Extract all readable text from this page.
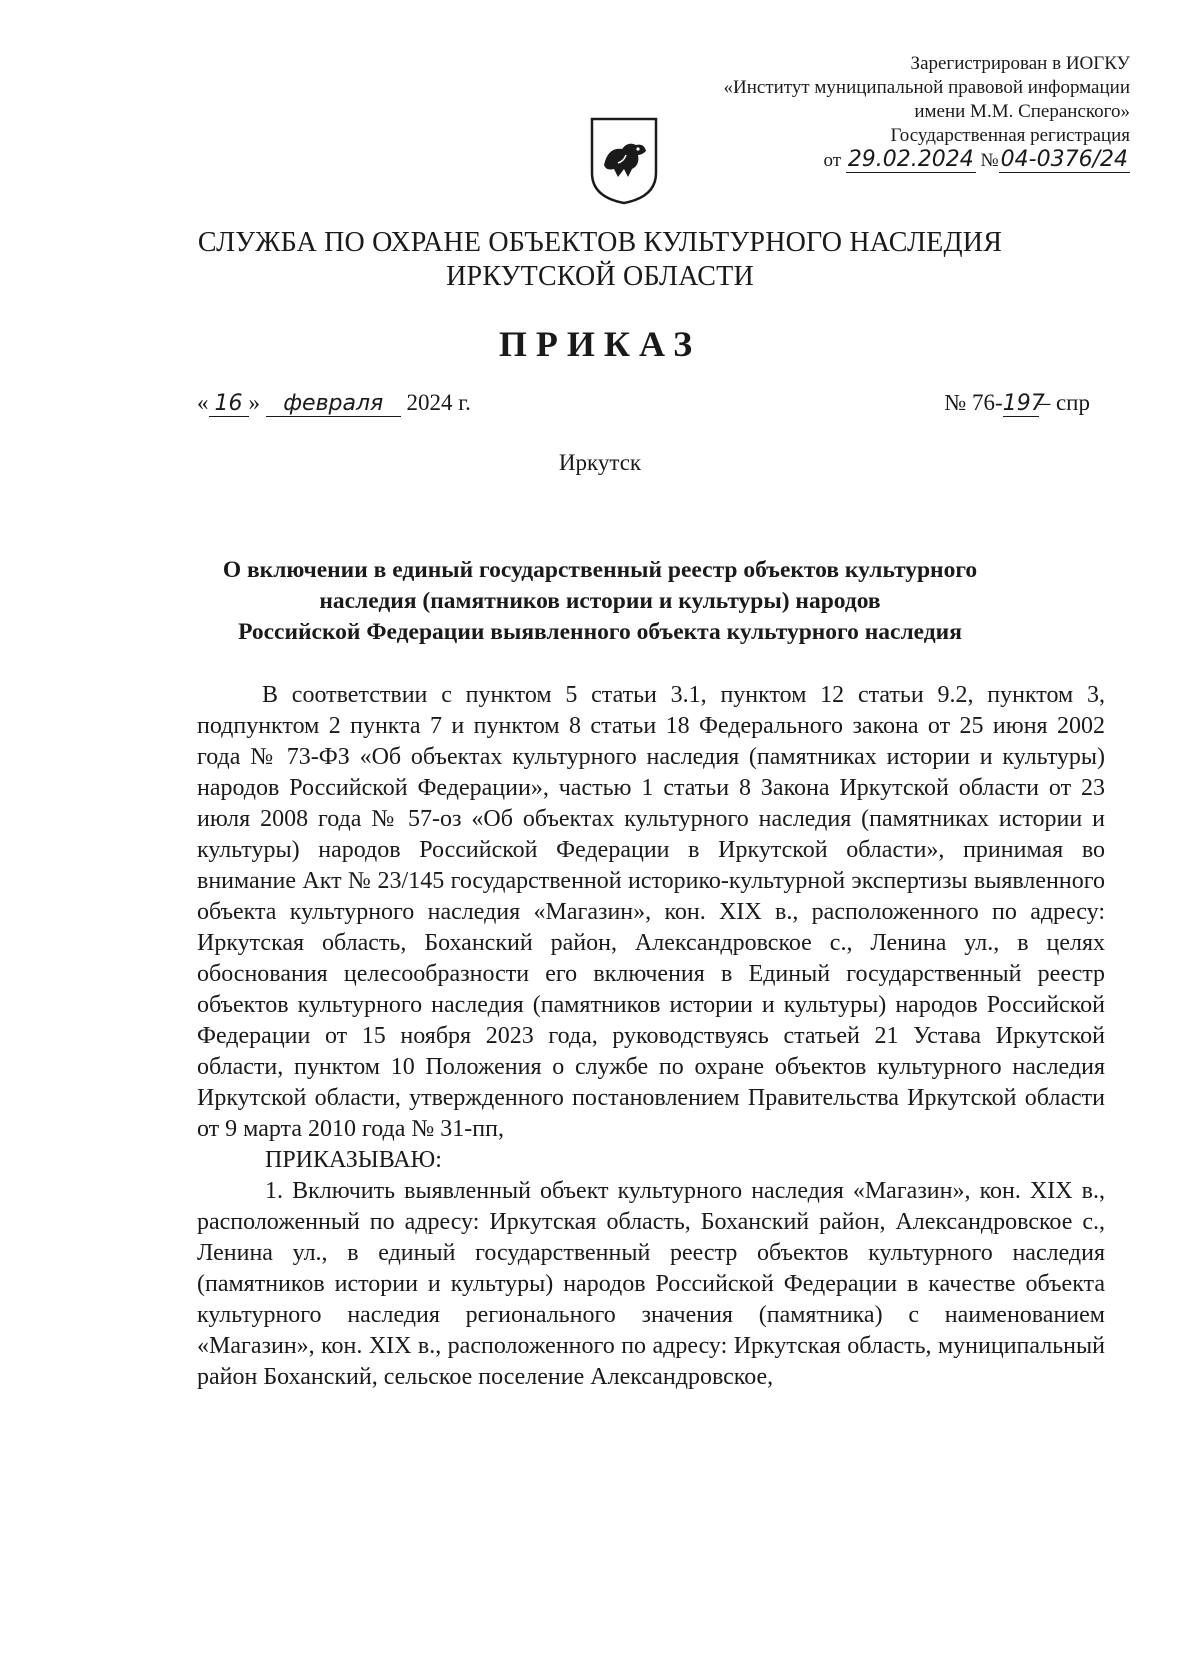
Зарегистрирован в ИОГКУ
«Институт муниципальной правовой информации
имени М.М. Сперанского»
Государственная регистрация
от 29.02.2024 №04-0376/24
СЛУЖБА ПО ОХРАНЕ ОБЪЕКТОВ КУЛЬТУРНОГО НАСЛЕДИЯ
ИРКУТСКОЙ ОБЛАСТИ
ПРИКАЗ
« 16 » февраля 2024 г.	№ 76-197– спр
Иркутск
О включении в единый государственный реестр объектов культурного
наследия (памятников истории и культуры) народов
Российской Федерации выявленного объекта культурного наследия

В соответствии с пунктом 5 статьи 3.1, пунктом 12 статьи 9.2, пунктом 3, подпунктом 2 пункта 7 и пунктом 8 статьи 18 Федерального закона от 25 июня 2002 года № 73-ФЗ «Об объектах культурного наследия (памятниках истории и культуры) народов Российской Федерации», частью 1 статьи 8 Закона Иркутской области от 23 июля 2008 года № 57-оз «Об объектах культурного наследия (памятниках истории и культуры) народов Российской Федерации в Иркутской области», принимая во внимание Акт № 23/145 государственной историко-культурной экспертизы выявленного объекта культурного наследия «Магазин», кон. XIX в., расположенного по адресу: Иркутская область, Боханский район, Александровское с., Ленина ул., в целях обоснования целесообразности его включения в Единый государственный реестр объектов культурного наследия (памятников истории и культуры) народов Российской Федерации от 15 ноября 2023 года, руководствуясь статьей 21 Устава Иркутской области, пунктом 10 Положения о службе по охране объектов культурного наследия Иркутской области, утвержденного постановлением Правительства Иркутской области от 9 марта 2010 года № 31-пп,

ПРИКАЗЫВАЮ:

1. Включить выявленный объект культурного наследия «Магазин», кон. XIX в., расположенный по адресу: Иркутская область, Боханский район, Александровское с., Ленина ул., в единый государственный реестр объектов культурного наследия (памятников истории и культуры) народов Российской Федерации в качестве объекта культурного наследия регионального значения (памятника) с наименованием «Магазин», кон. XIX в., расположенного по адресу: Иркутская область, муниципальный район Боханский, сельское поселение Александровское,
